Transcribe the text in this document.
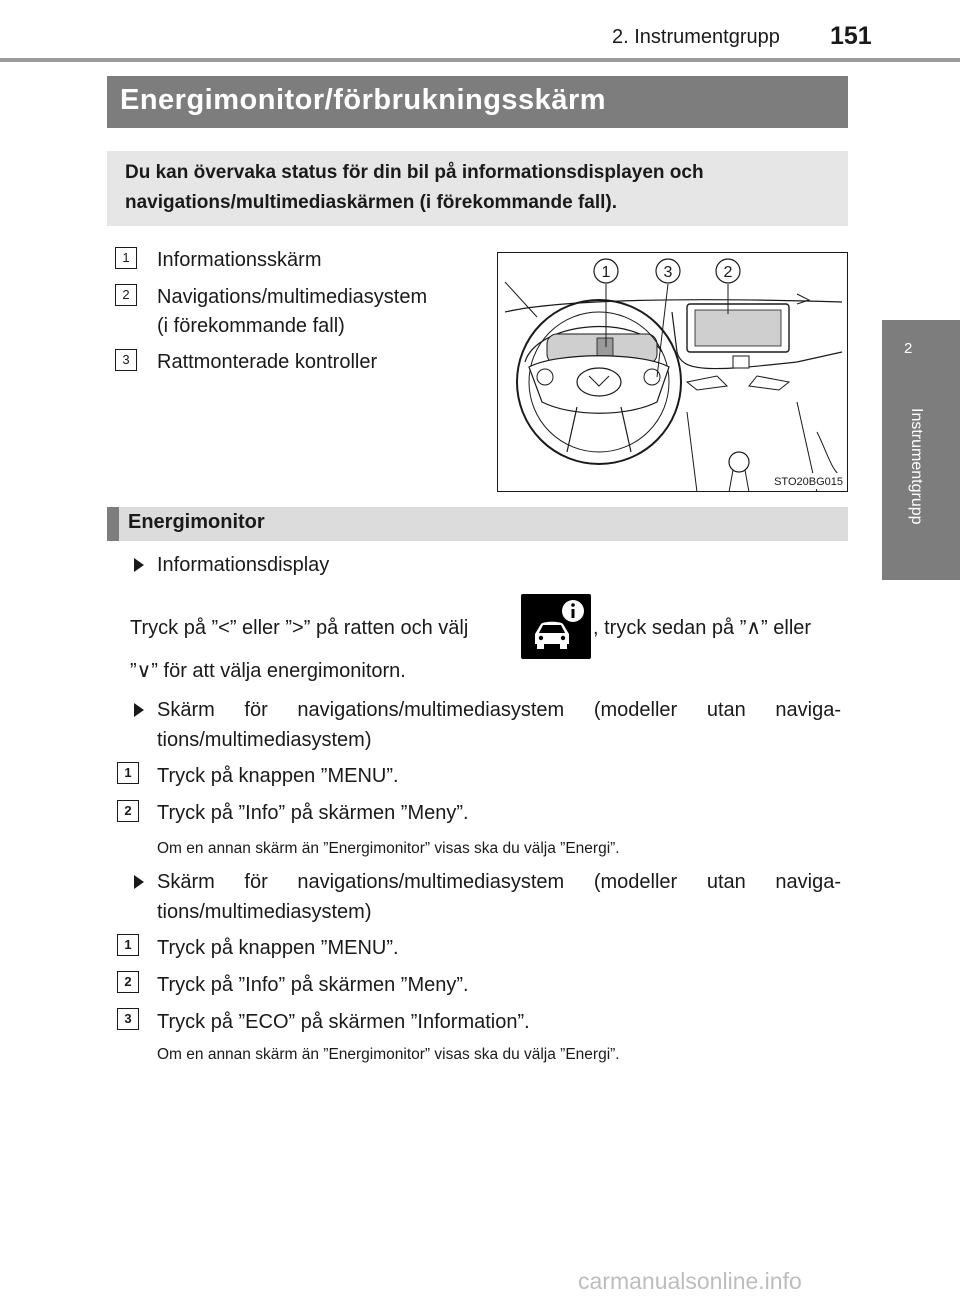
2. Instrumentgrupp 151
2
Instrumentgrupp
Energimonitor/förbrukningsskärm
Du kan övervaka status för din bil på informationsdisplayen och navigations/multimediaskärmen (i förekommande fall).
1	Informationsskärm
2	Navigations/multimediasystem
(i förekommande fall)
3	Rattmonterade kontroller
1	3	2
STO20BG015
Energimonitor
Informationsdisplay
Tryck på ”<” eller ”>” på ratten och välj	, tryck sedan på ”∧” eller
”∨” för att välja energimonitorn.
Skärm för navigations/multimediasystem (modeller utan naviga-
tions/multimediasystem)
1	Tryck på knappen ”MENU”.
2	Tryck på ”Info” på skärmen ”Meny”.
Om en annan skärm än ”Energimonitor” visas ska du välja ”Energi”.
Skärm för navigations/multimediasystem (modeller utan naviga-
tions/multimediasystem)
1	Tryck på knappen ”MENU”.
2	Tryck på ”Info” på skärmen ”Meny”.
3	Tryck på ”ECO” på skärmen ”Information”.
Om en annan skärm än ”Energimonitor” visas ska du välja ”Energi”.
carmanualsonline.info
